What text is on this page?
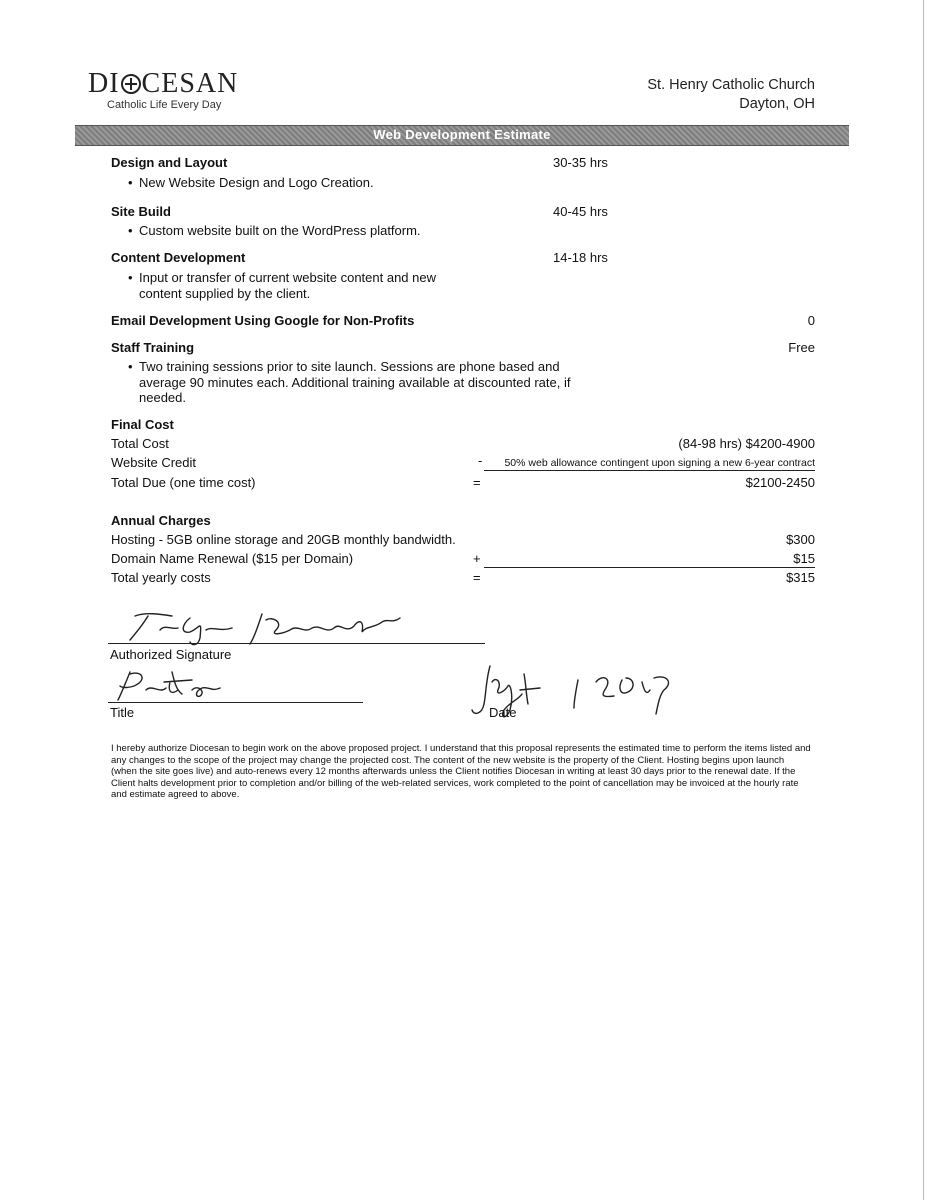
DI CESAN
Catholic Life Every Day
St. Henry Catholic Church
Dayton, OH
Web Development Estimate
Design and Layout	30-35 hrs
• New Website Design and Logo Creation.
Site Build	40-45 hrs
• Custom website built on the WordPress platform.
Content Development	14-18 hrs
• Input or transfer of current website content and new content supplied by the client.
Email Development Using Google for Non-Profits	0
Staff Training	Free
• Two training sessions prior to site launch. Sessions are phone based and average 90 minutes each. Additional training available at discounted rate, if needed.
Final Cost
Total Cost	(84-98 hrs) $4200-4900
Website Credit	-	50% web allowance contingent upon signing a new 6-year contract
Total Due (one time cost)	=	$2100-2450
Annual Charges
Hosting - 5GB online storage and 20GB monthly bandwidth.	$300
Domain Name Renewal ($15 per Domain)	+	$15
Total yearly costs	=	$315
Authorized Signature
Title	Date
I hereby authorize Diocesan to begin work on the above proposed project. I understand that this proposal represents the estimated time to perform the items listed and any changes to the scope of the project may change the projected cost. The content of the new website is the property of the Client. Hosting begins upon launch (when the site goes live) and auto-renews every 12 months afterwards unless the Client notifies Diocesan in writing at least 30 days prior to the renewal date. If the Client halts development prior to completion and/or billing of the web-related services, work completed to the point of cancellation may be invoiced at the hourly rate and estimate agreed to above.
